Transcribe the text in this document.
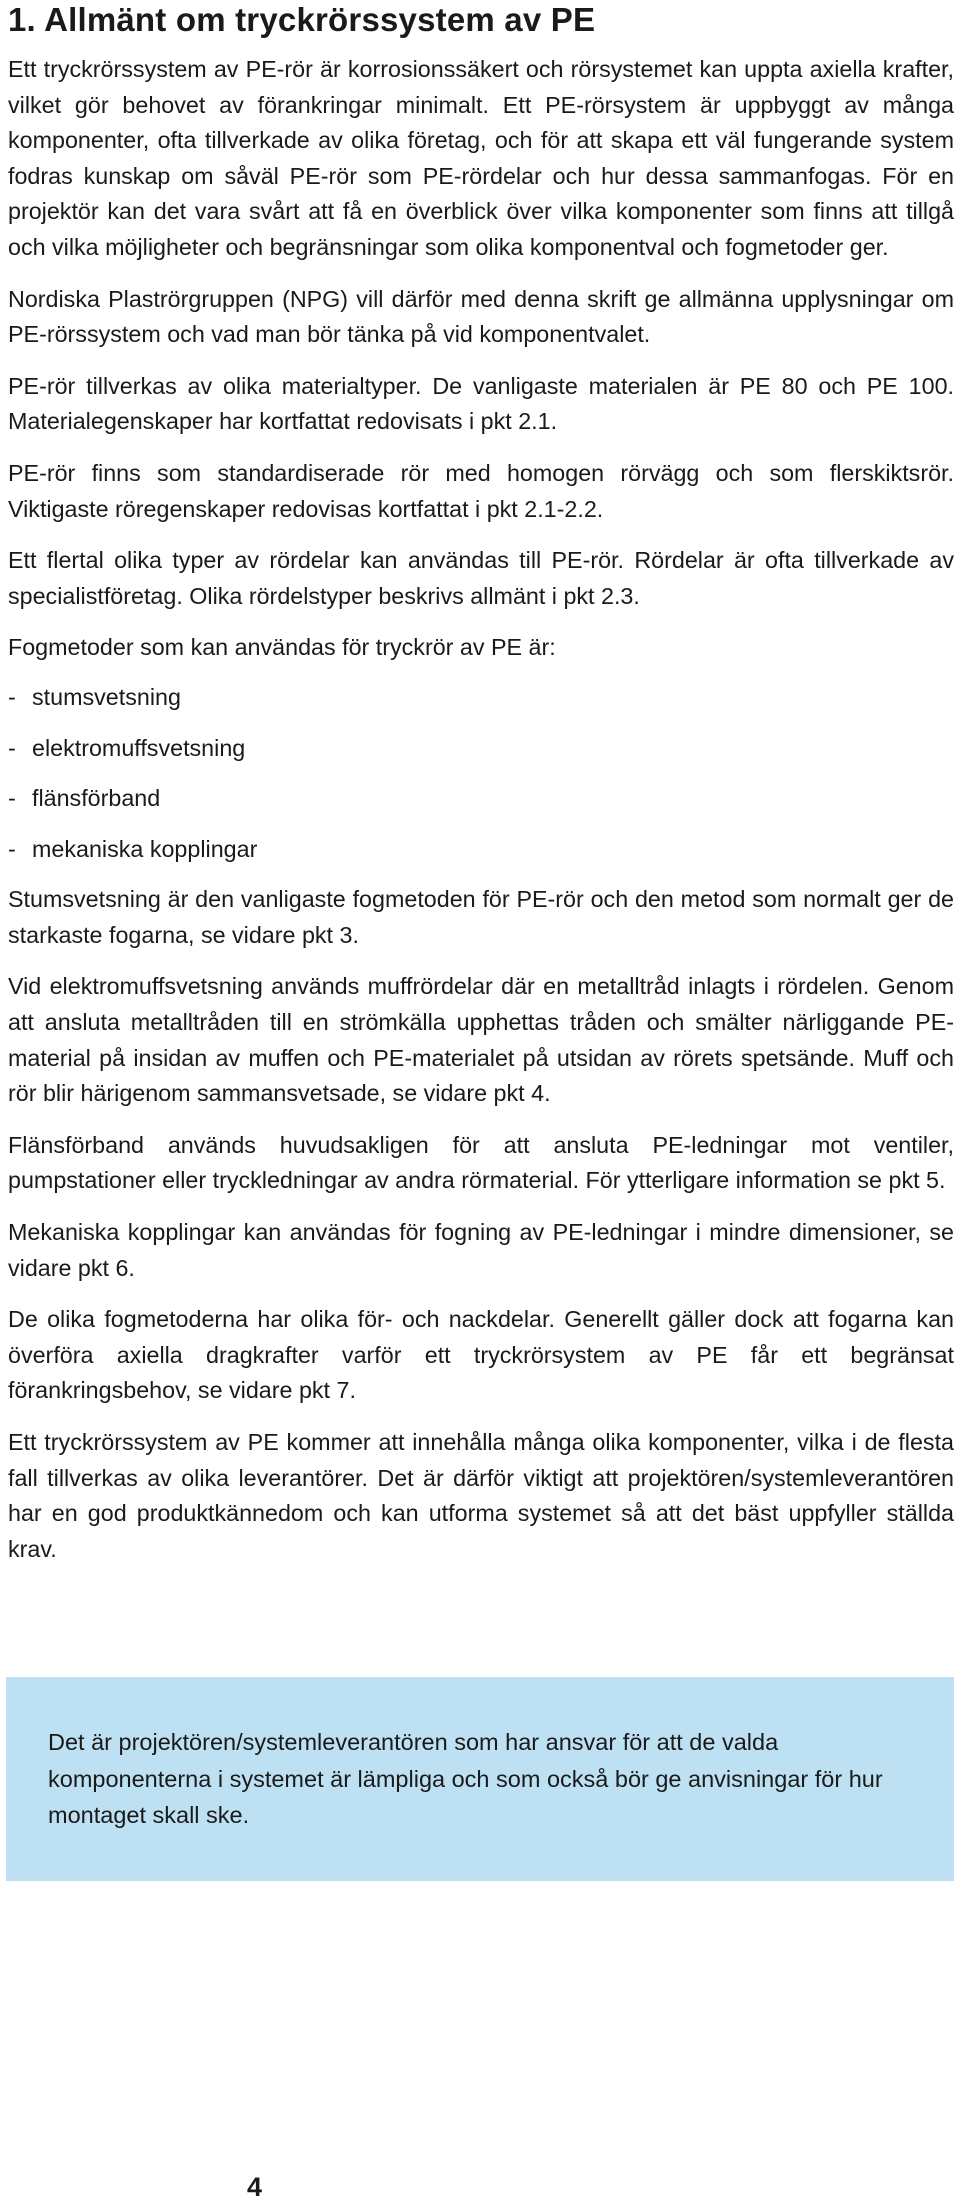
1. Allmänt om tryckrörssystem av PE

Ett tryckrörssystem av PE-rör är korrosionssäkert och rörsystemet kan uppta axiella krafter, vilket gör behovet av förankringar minimalt. Ett PE-rörsystem är uppbyggt av många komponenter, ofta tillverkade av olika företag, och för att skapa ett väl fungerande system fodras kunskap om såväl PE-rör som PE-rördelar och hur dessa sammanfogas. För en projektör kan det vara svårt att få en överblick över vilka komponenter som finns att tillgå och vilka möjligheter och begränsningar som olika komponentval och fogmetoder ger.

Nordiska Plaströrgruppen (NPG) vill därför med denna skrift ge allmänna upplysningar om PE-rörssystem och vad man bör tänka på vid komponentvalet.

PE-rör tillverkas av olika materialtyper. De vanligaste materialen är PE 80 och PE 100. Materialegenskaper har kortfattat redovisats i pkt 2.1.

PE-rör finns som standardiserade rör med homogen rörvägg och som flerskiktsrör. Viktigaste röregenskaper redovisas kortfattat i pkt 2.1-2.2.

Ett flertal olika typer av rördelar kan användas till PE-rör. Rördelar är ofta tillverkade av specialistföretag. Olika rördelstyper beskrivs allmänt i pkt 2.3.

Fogmetoder som kan användas för tryckrör av PE är:

- stumsvetsning
- elektromuffsvetsning
- flänsförband
- mekaniska kopplingar

Stumsvetsning är den vanligaste fogmetoden för PE-rör och den metod som normalt ger de starkaste fogarna, se vidare pkt 3.

Vid elektromuffsvetsning används muffrördelar där en metalltråd inlagts i rördelen. Genom att ansluta metalltråden till en strömkälla upphettas tråden och smälter närliggande PE-material på insidan av muffen och PE-materialet på utsidan av rörets spetsände. Muff och rör blir härigenom sammansvetsade, se vidare pkt 4.

Flänsförband används huvudsakligen för att ansluta PE-ledningar mot ventiler, pumpstationer eller tryckledningar av andra rörmaterial. För ytterligare information se pkt 5.

Mekaniska kopplingar kan användas för fogning av PE-ledningar i mindre dimensioner, se vidare pkt 6.

De olika fogmetoderna har olika för- och nackdelar. Generellt gäller dock att fogarna kan överföra axiella dragkrafter varför ett tryckrörsystem av PE får ett begränsat förankringsbehov, se vidare pkt 7.

Ett tryckrörssystem av PE kommer att innehålla många olika komponenter, vilka i de flesta fall tillverkas av olika leverantörer. Det är därför viktigt att projektören/systemleverantören har en god produktkännedom och kan utforma systemet så att det bäst uppfyller ställda krav.

Det är projektören/systemleverantören som har ansvar för att de valda komponenterna i systemet är lämpliga och som också bör ge anvisningar för hur montaget skall ske.
4
